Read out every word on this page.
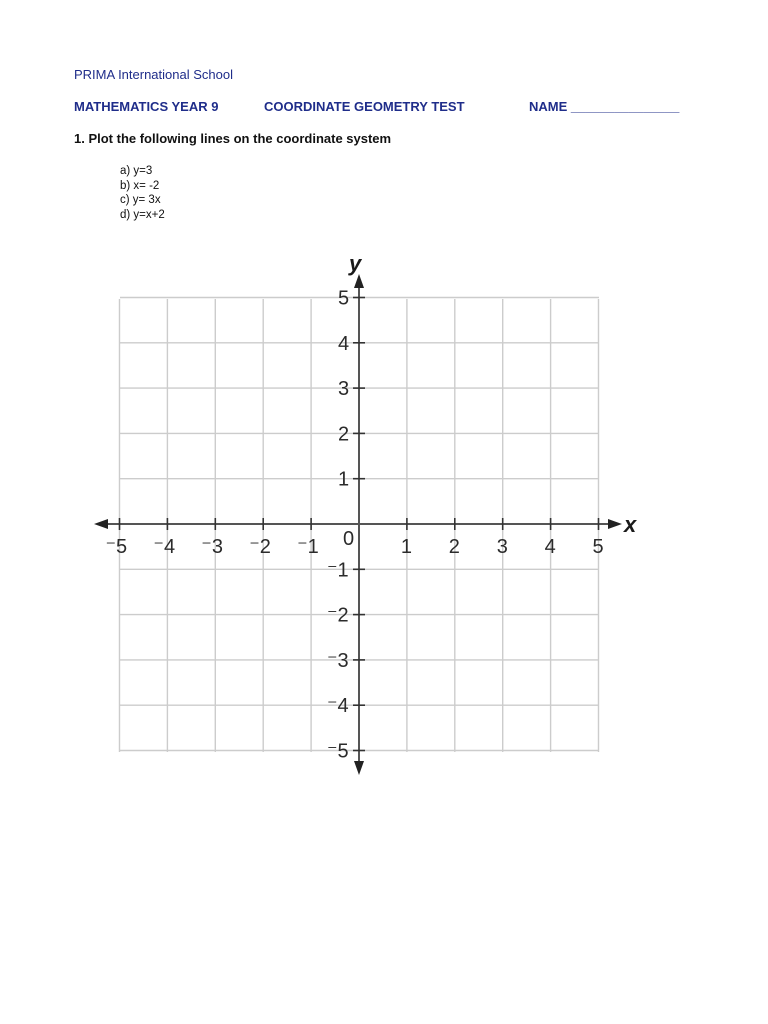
PRIMA International School
MATHEMATICS YEAR 9	COORDINATE GEOMETRY TEST	NAME _______________
1. Plot the following lines on the coordinate system
a) y=3
b) x= -2
c) y= 3x
d) y=x+2
⁻5 ⁻4 ⁻3 ⁻2 ⁻1	1 2 3 4 5
⁻5
⁻4
⁻3
⁻2
⁻1
1
2
3
4
5
y
x
0
